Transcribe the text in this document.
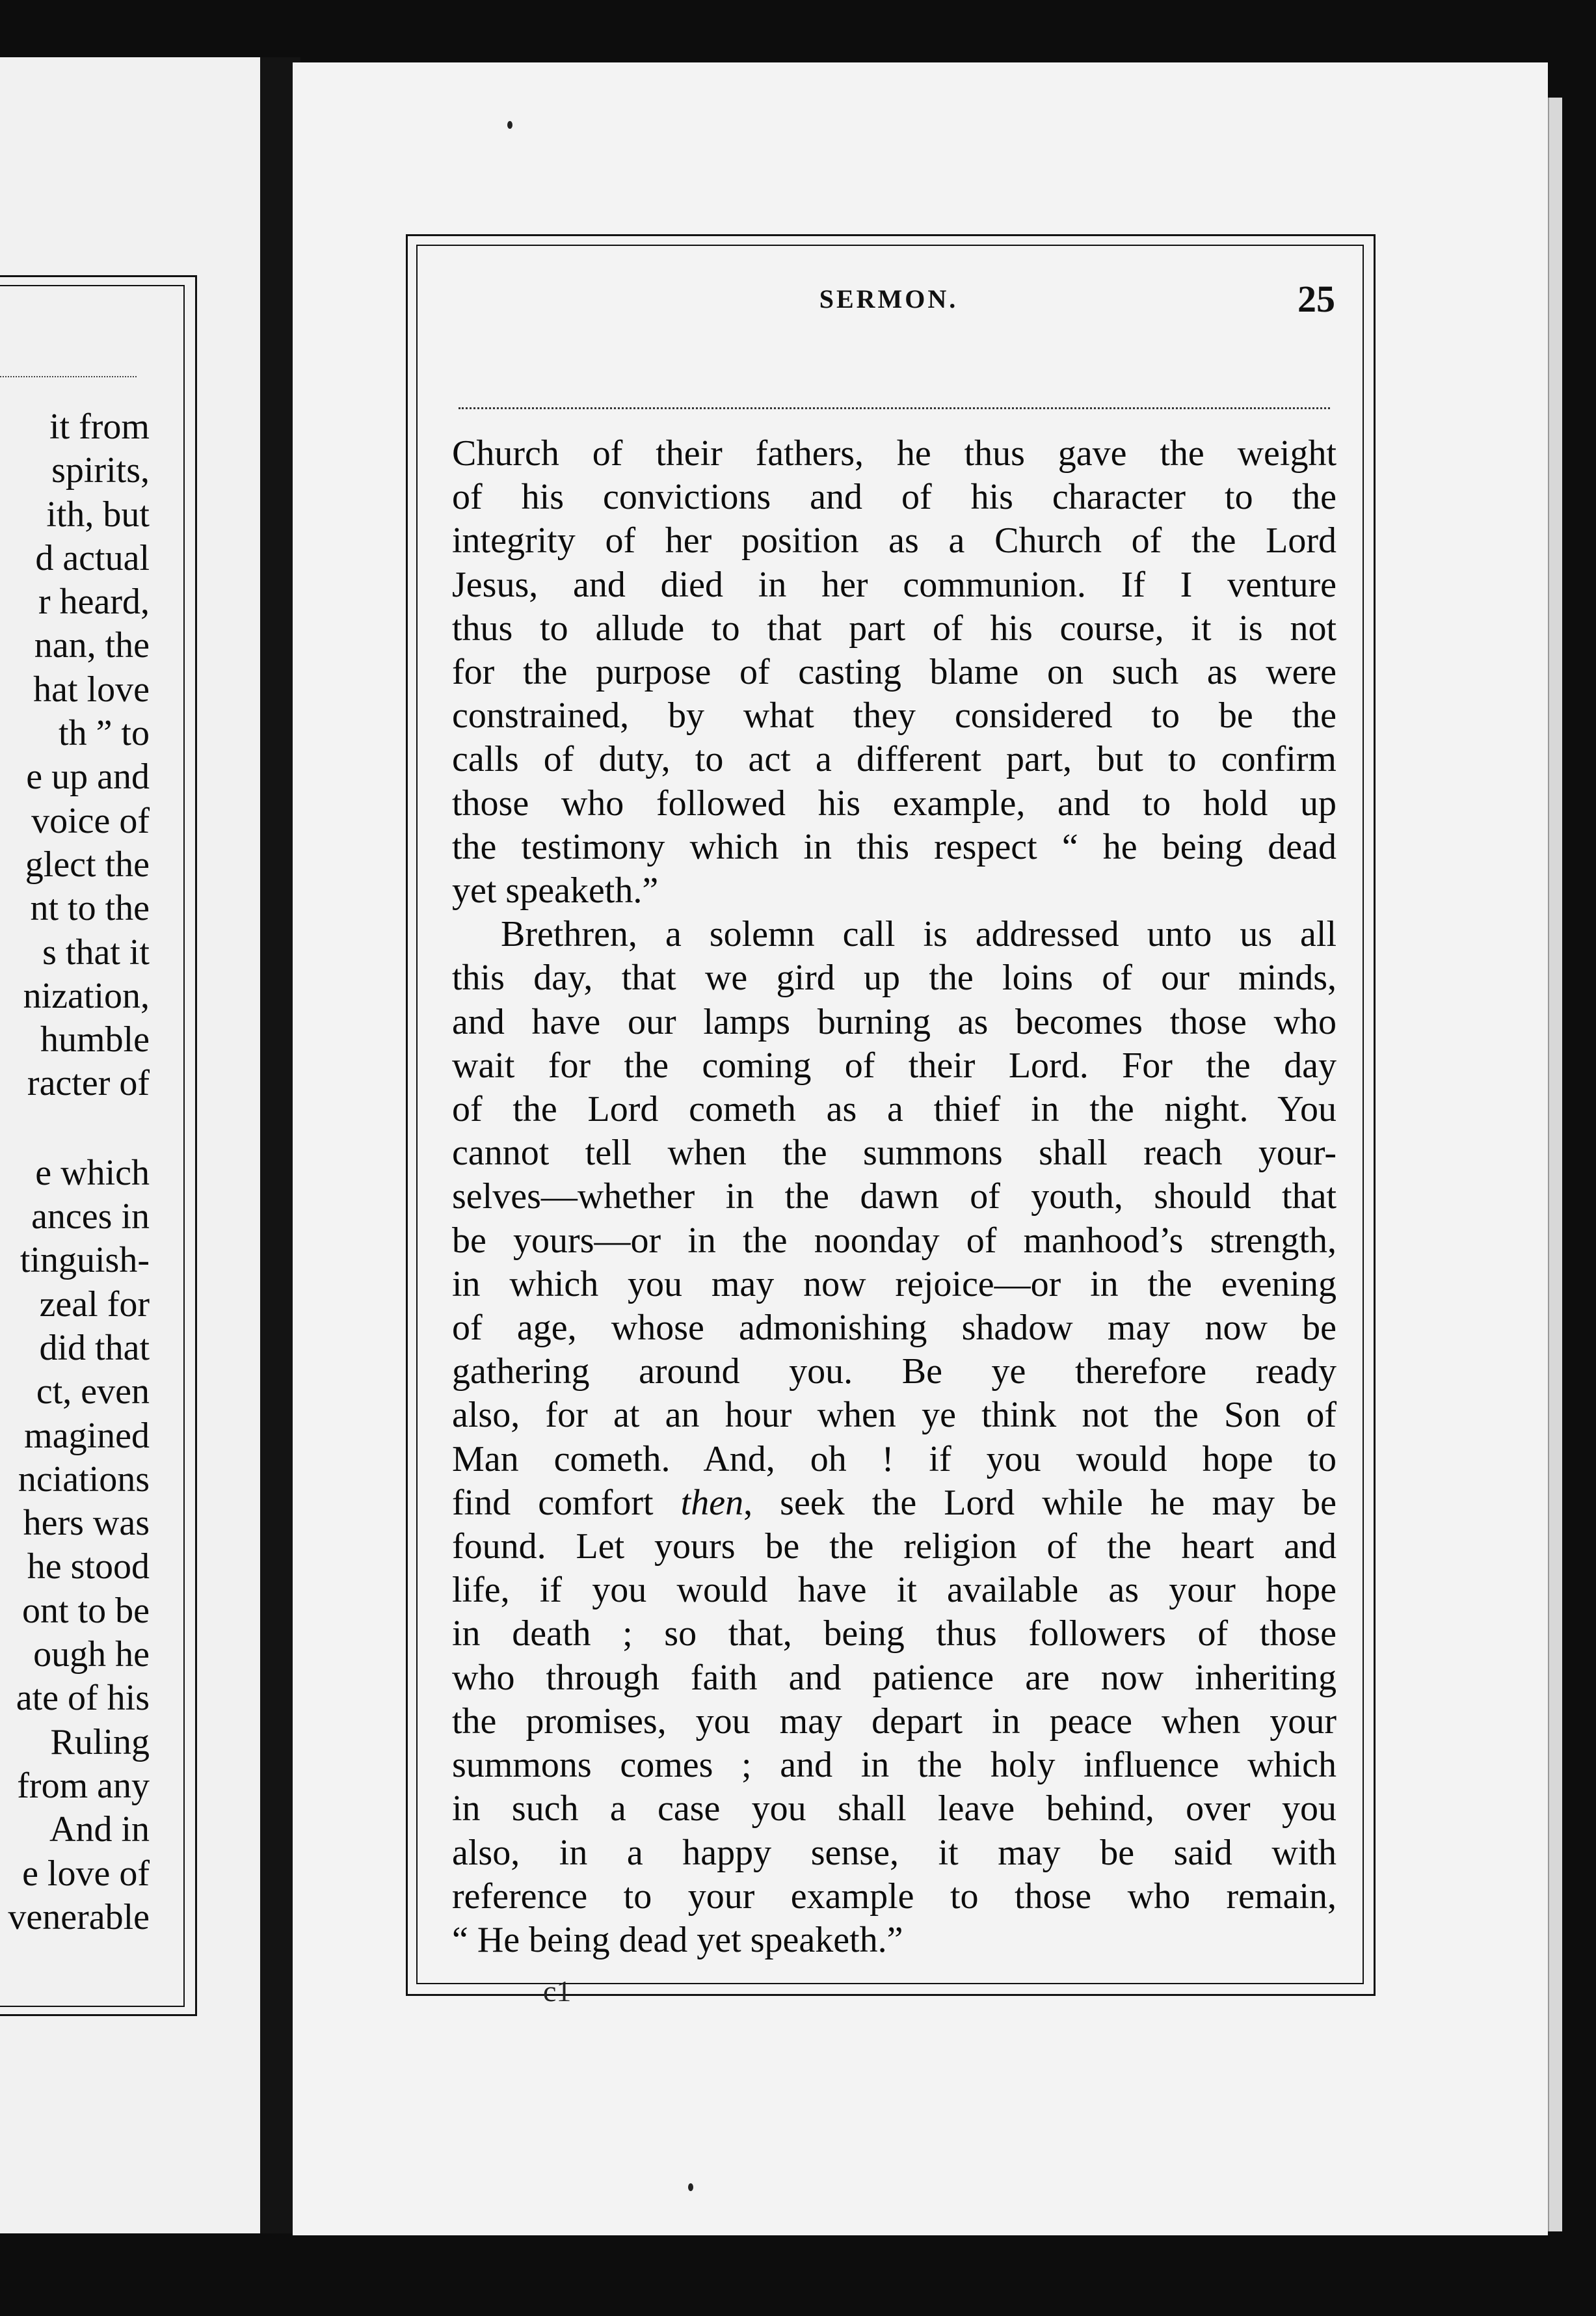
it from
spirits,
ith, but
d actual
r heard,
nan, the
hat love
th ” to
e up and
voice of
glect the
nt to the
s that it
nization,
humble
racter of
e which
ances in
tinguish-
zeal for
did that
ct, even
magined
nciations
hers was
he stood
ont to be
ough he
ate of his
Ruling
from any
And in
e love of
venerable
SERMON.	25
Church of their fathers, he thus gave the weight
of his convictions and of his character to the
integrity of her position as a Church of the Lord
Jesus, and died in her communion. If I venture
thus to allude to that part of his course, it is not
for the purpose of casting blame on such as were
constrained, by what they considered to be the
calls of duty, to act a different part, but to confirm
those who followed his example, and to hold up
the testimony which in this respect “ he being dead
yet speaketh.”
Brethren, a solemn call is addressed unto us all
this day, that we gird up the loins of our minds,
and have our lamps burning as becomes those who
wait for the coming of their Lord. For the day
of the Lord cometh as a thief in the night. You
cannot tell when the summons shall reach your-
selves—whether in the dawn of youth, should that
be yours—or in the noonday of manhood’s strength,
in which you may now rejoice—or in the evening
of age, whose admonishing shadow may now be
gathering around you. Be ye therefore ready
also, for at an hour when ye think not the Son of
Man cometh. And, oh ! if you would hope to
find comfort then, seek the Lord while he may be
found. Let yours be the religion of the heart and
life, if you would have it available as your hope
in death ; so that, being thus followers of those
who through faith and patience are now inheriting
the promises, you may depart in peace when your
summons comes ; and in the holy influence which
in such a case you shall leave behind, over you
also, in a happy sense, it may be said with
reference to your example to those who remain,
“ He being dead yet speaketh.”
c1
